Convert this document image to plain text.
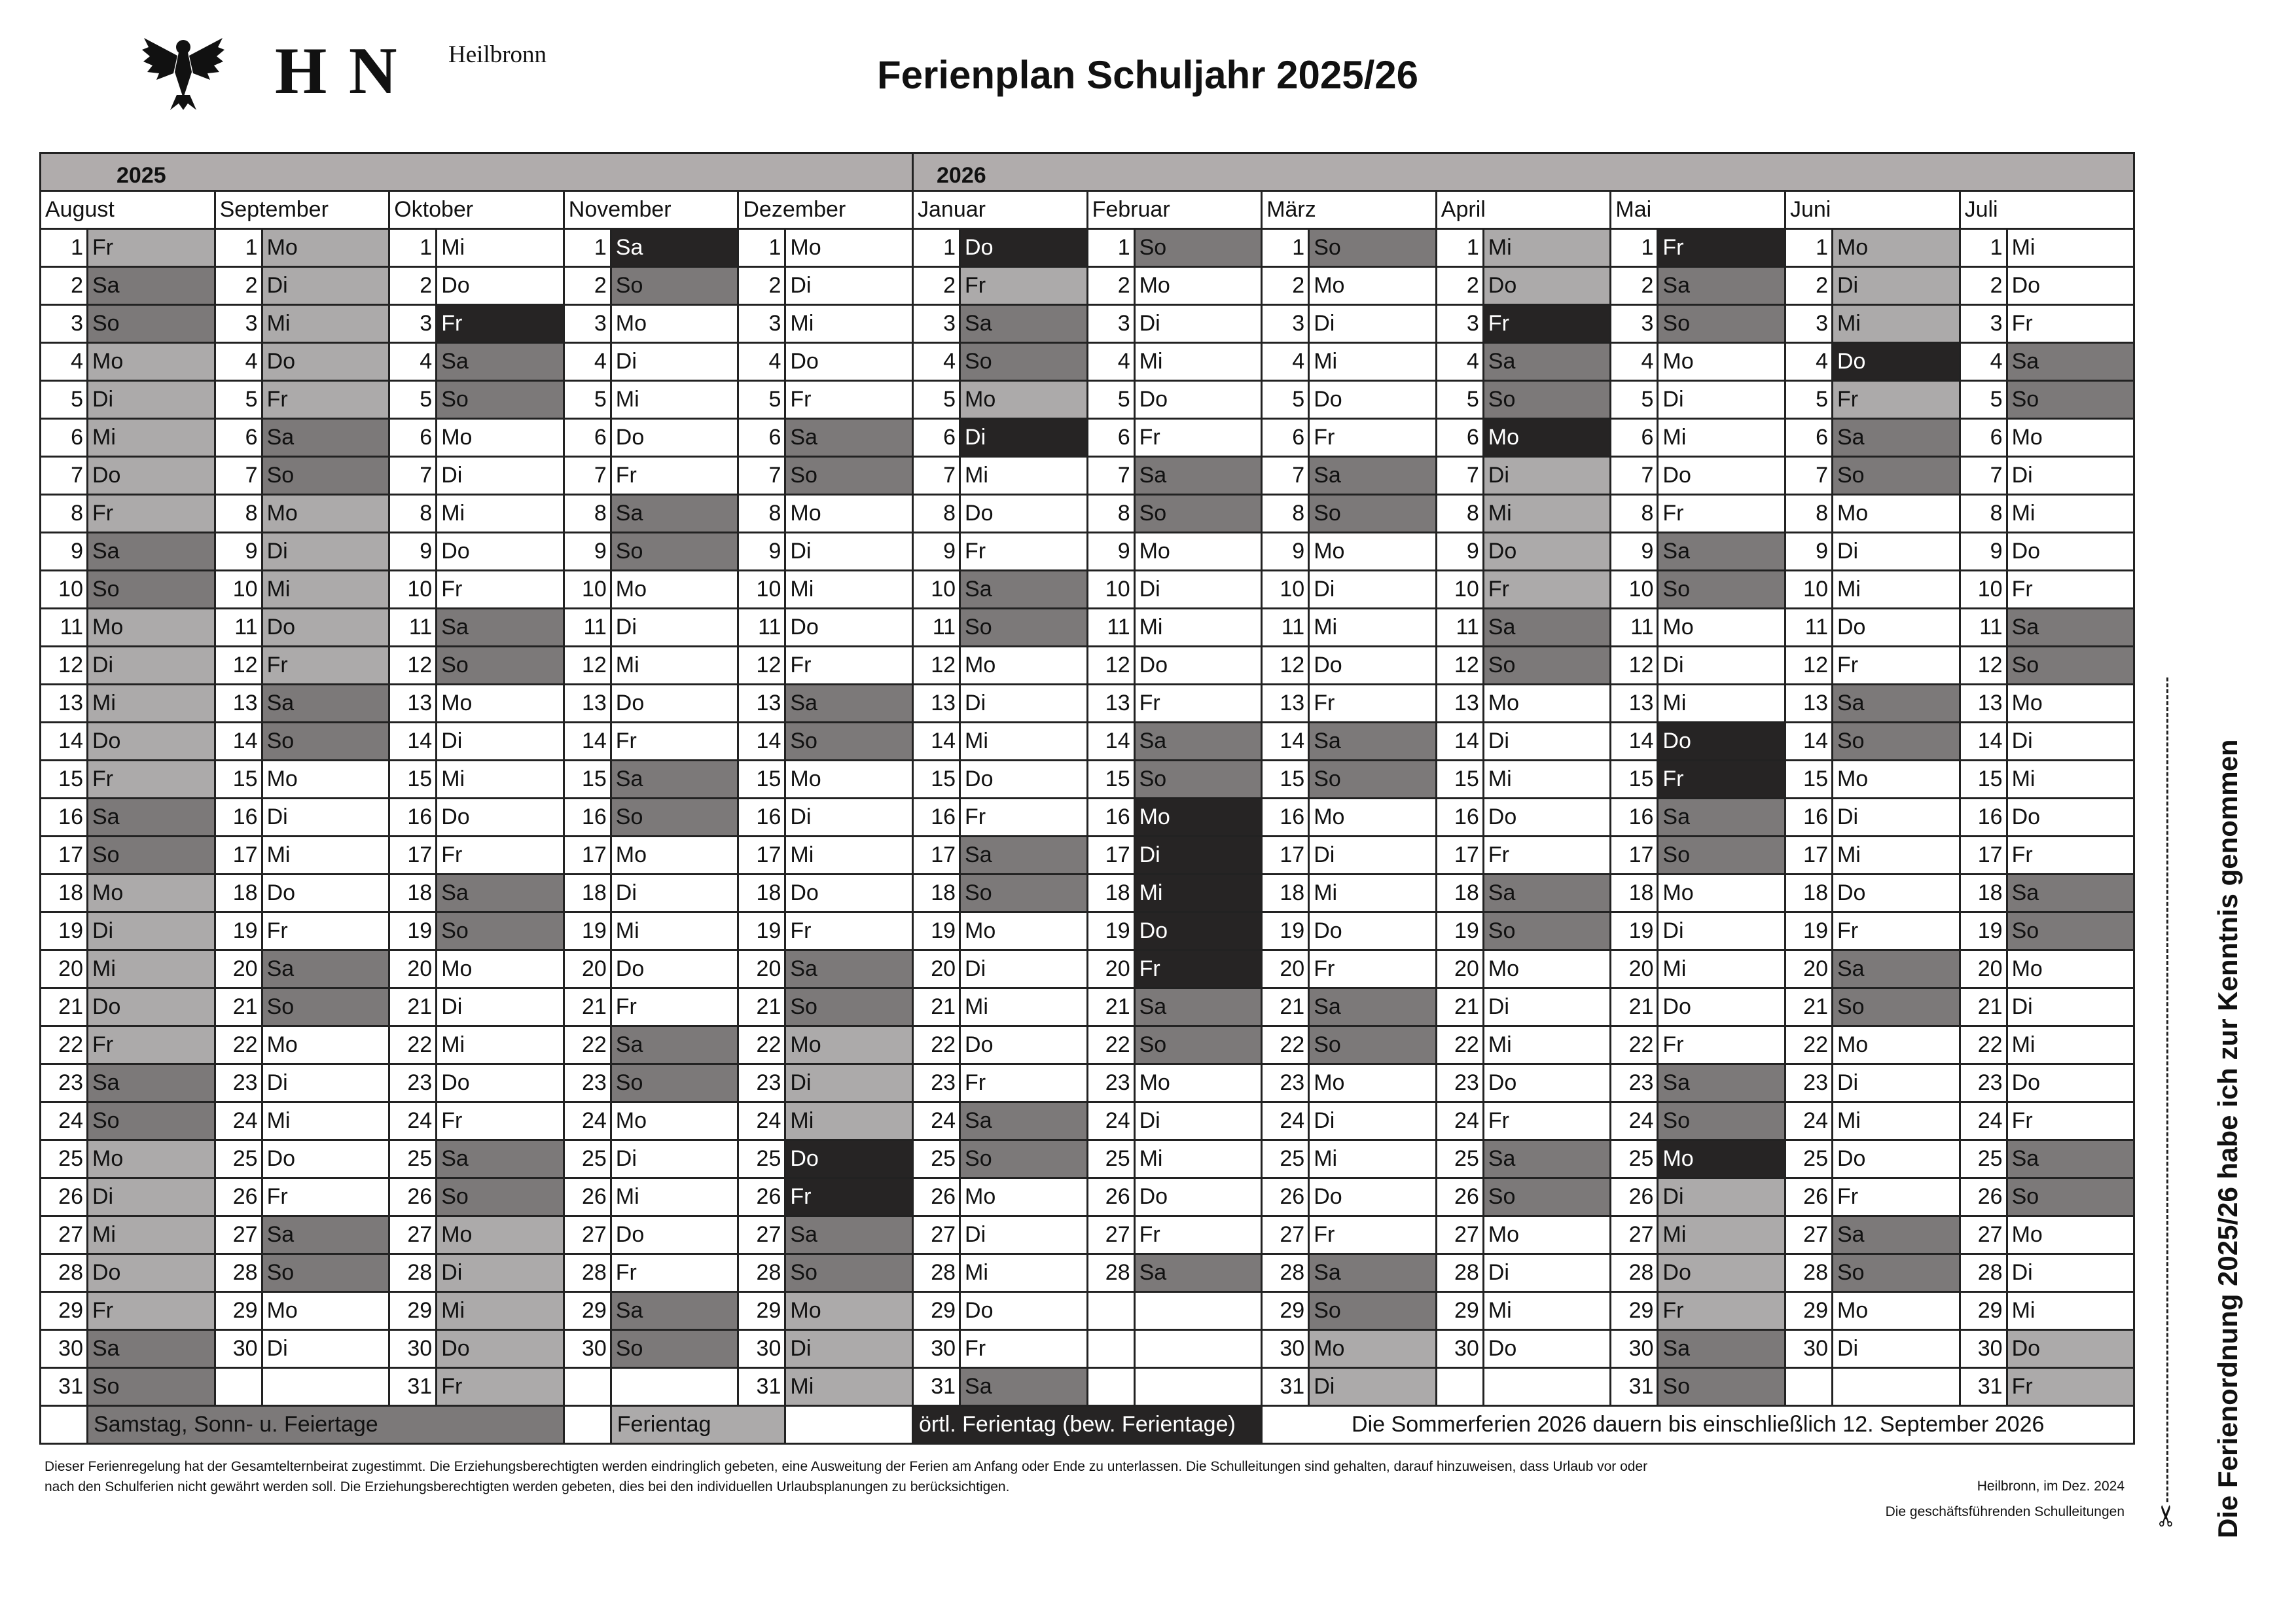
H N Heilbronn	Ferienplan Schuljahr 2025/26
2025										2026													

August		September		Oktober		November		Dezember		Januar		Februar		März		April		Mai		Juni		Juli	
1	Fr	1	Mo	1	Mi	1	Sa	1	Mo	1	Do	1	So	1	So	1	Mi	1	Fr	1	Mo	1	Mi
2	Sa	2	Di	2	Do	2	So	2	Di	2	Fr	2	Mo	2	Mo	2	Do	2	Sa	2	Di	2	Do
3	So	3	Mi	3	Fr	3	Mo	3	Mi	3	Sa	3	Di	3	Di	3	Fr	3	So	3	Mi	3	Fr
4	Mo	4	Do	4	Sa	4	Di	4	Do	4	So	4	Mi	4	Mi	4	Sa	4	Mo	4	Do	4	Sa
5	Di	5	Fr	5	So	5	Mi	5	Fr	5	Mo	5	Do	5	Do	5	So	5	Di	5	Fr	5	So
6	Mi	6	Sa	6	Mo	6	Do	6	Sa	6	Di	6	Fr	6	Fr	6	Mo	6	Mi	6	Sa	6	Mo
7	Do	7	So	7	Di	7	Fr	7	So	7	Mi	7	Sa	7	Sa	7	Di	7	Do	7	So	7	Di
8	Fr	8	Mo	8	Mi	8	Sa	8	Mo	8	Do	8	So	8	So	8	Mi	8	Fr	8	Mo	8	Mi
9	Sa	9	Di	9	Do	9	So	9	Di	9	Fr	9	Mo	9	Mo	9	Do	9	Sa	9	Di	9	Do
10	So	10	Mi	10	Fr	10	Mo	10	Mi	10	Sa	10	Di	10	Di	10	Fr	10	So	10	Mi	10	Fr
11	Mo	11	Do	11	Sa	11	Di	11	Do	11	So	11	Mi	11	Mi	11	Sa	11	Mo	11	Do	11	Sa
12	Di	12	Fr	12	So	12	Mi	12	Fr	12	Mo	12	Do	12	Do	12	So	12	Di	12	Fr	12	So
13	Mi	13	Sa	13	Mo	13	Do	13	Sa	13	Di	13	Fr	13	Fr	13	Mo	13	Mi	13	Sa	13	Mo
14	Do	14	So	14	Di	14	Fr	14	So	14	Mi	14	Sa	14	Sa	14	Di	14	Do	14	So	14	Di
15	Fr	15	Mo	15	Mi	15	Sa	15	Mo	15	Do	15	So	15	So	15	Mi	15	Fr	15	Mo	15	Mi
16	Sa	16	Di	16	Do	16	So	16	Di	16	Fr	16	Mo	16	Mo	16	Do	16	Sa	16	Di	16	Do
17	So	17	Mi	17	Fr	17	Mo	17	Mi	17	Sa	17	Di	17	Di	17	Fr	17	So	17	Mi	17	Fr
18	Mo	18	Do	18	Sa	18	Di	18	Do	18	So	18	Mi	18	Mi	18	Sa	18	Mo	18	Do	18	Sa
19	Di	19	Fr	19	So	19	Mi	19	Fr	19	Mo	19	Do	19	Do	19	So	19	Di	19	Fr	19	So
20	Mi	20	Sa	20	Mo	20	Do	20	Sa	20	Di	20	Fr	20	Fr	20	Mo	20	Mi	20	Sa	20	Mo
21	Do	21	So	21	Di	21	Fr	21	So	21	Mi	21	Sa	21	Sa	21	Di	21	Do	21	So	21	Di
22	Fr	22	Mo	22	Mi	22	Sa	22	Mo	22	Do	22	So	22	So	22	Mi	22	Fr	22	Mo	22	Mi
23	Sa	23	Di	23	Do	23	So	23	Di	23	Fr	23	Mo	23	Mo	23	Do	23	Sa	23	Di	23	Do
24	So	24	Mi	24	Fr	24	Mo	24	Mi	24	Sa	24	Di	24	Di	24	Fr	24	So	24	Mi	24	Fr
25	Mo	25	Do	25	Sa	25	Di	25	Do	25	So	25	Mi	25	Mi	25	Sa	25	Mo	25	Do	25	Sa
26	Di	26	Fr	26	So	26	Mi	26	Fr	26	Mo	26	Do	26	Do	26	So	26	Di	26	Fr	26	So
27	Mi	27	Sa	27	Mo	27	Do	27	Sa	27	Di	27	Fr	27	Fr	27	Mo	27	Mi	27	Sa	27	Mo
28	Do	28	So	28	Di	28	Fr	28	So	28	Mi	28	Sa	28	Sa	28	Di	28	Do	28	So	28	Di
29	Fr	29	Mo	29	Mi	29	Sa	29	Mo	29	Do			29	So	29	Mi	29	Fr	29	Mo	29	Mi
30	Sa	30	Di	30	Do	30	So	30	Di	30	Fr			30	Mo	30	Do	30	Sa	30	Di	30	Do
31	So			31	Fr			31	Mi	31	Sa			31	Di			31	So			31	Fr
	Samstag, Sonn- u. Feiertage						Ferientag			örtl. Ferientag (bew. Ferientage)				Die Sommerferien 2026 dauern bis einschließlich 12. September 2026									
Dieser Ferienregelung hat der Gesamtelternbeirat zugestimmt. Die Erziehungsberechtigten werden eindringlich gebeten, eine Ausweitung der Ferien am Anfang oder Ende zu unterlassen. Die Schulleitungen sind gehalten, darauf hinzuweisen, dass Urlaub vor oder
nach den Schulferien nicht gewährt werden soll. Die Erziehungsberechtigten werden gebeten, dies bei den individuellen Urlaubsplanungen zu berücksichtigen.	Heilbronn, im Dez. 2024
Die geschäftsführenden Schulleitungen ✂ Die Ferienordnung 2025/26 habe ich zur Kenntnis genommen
